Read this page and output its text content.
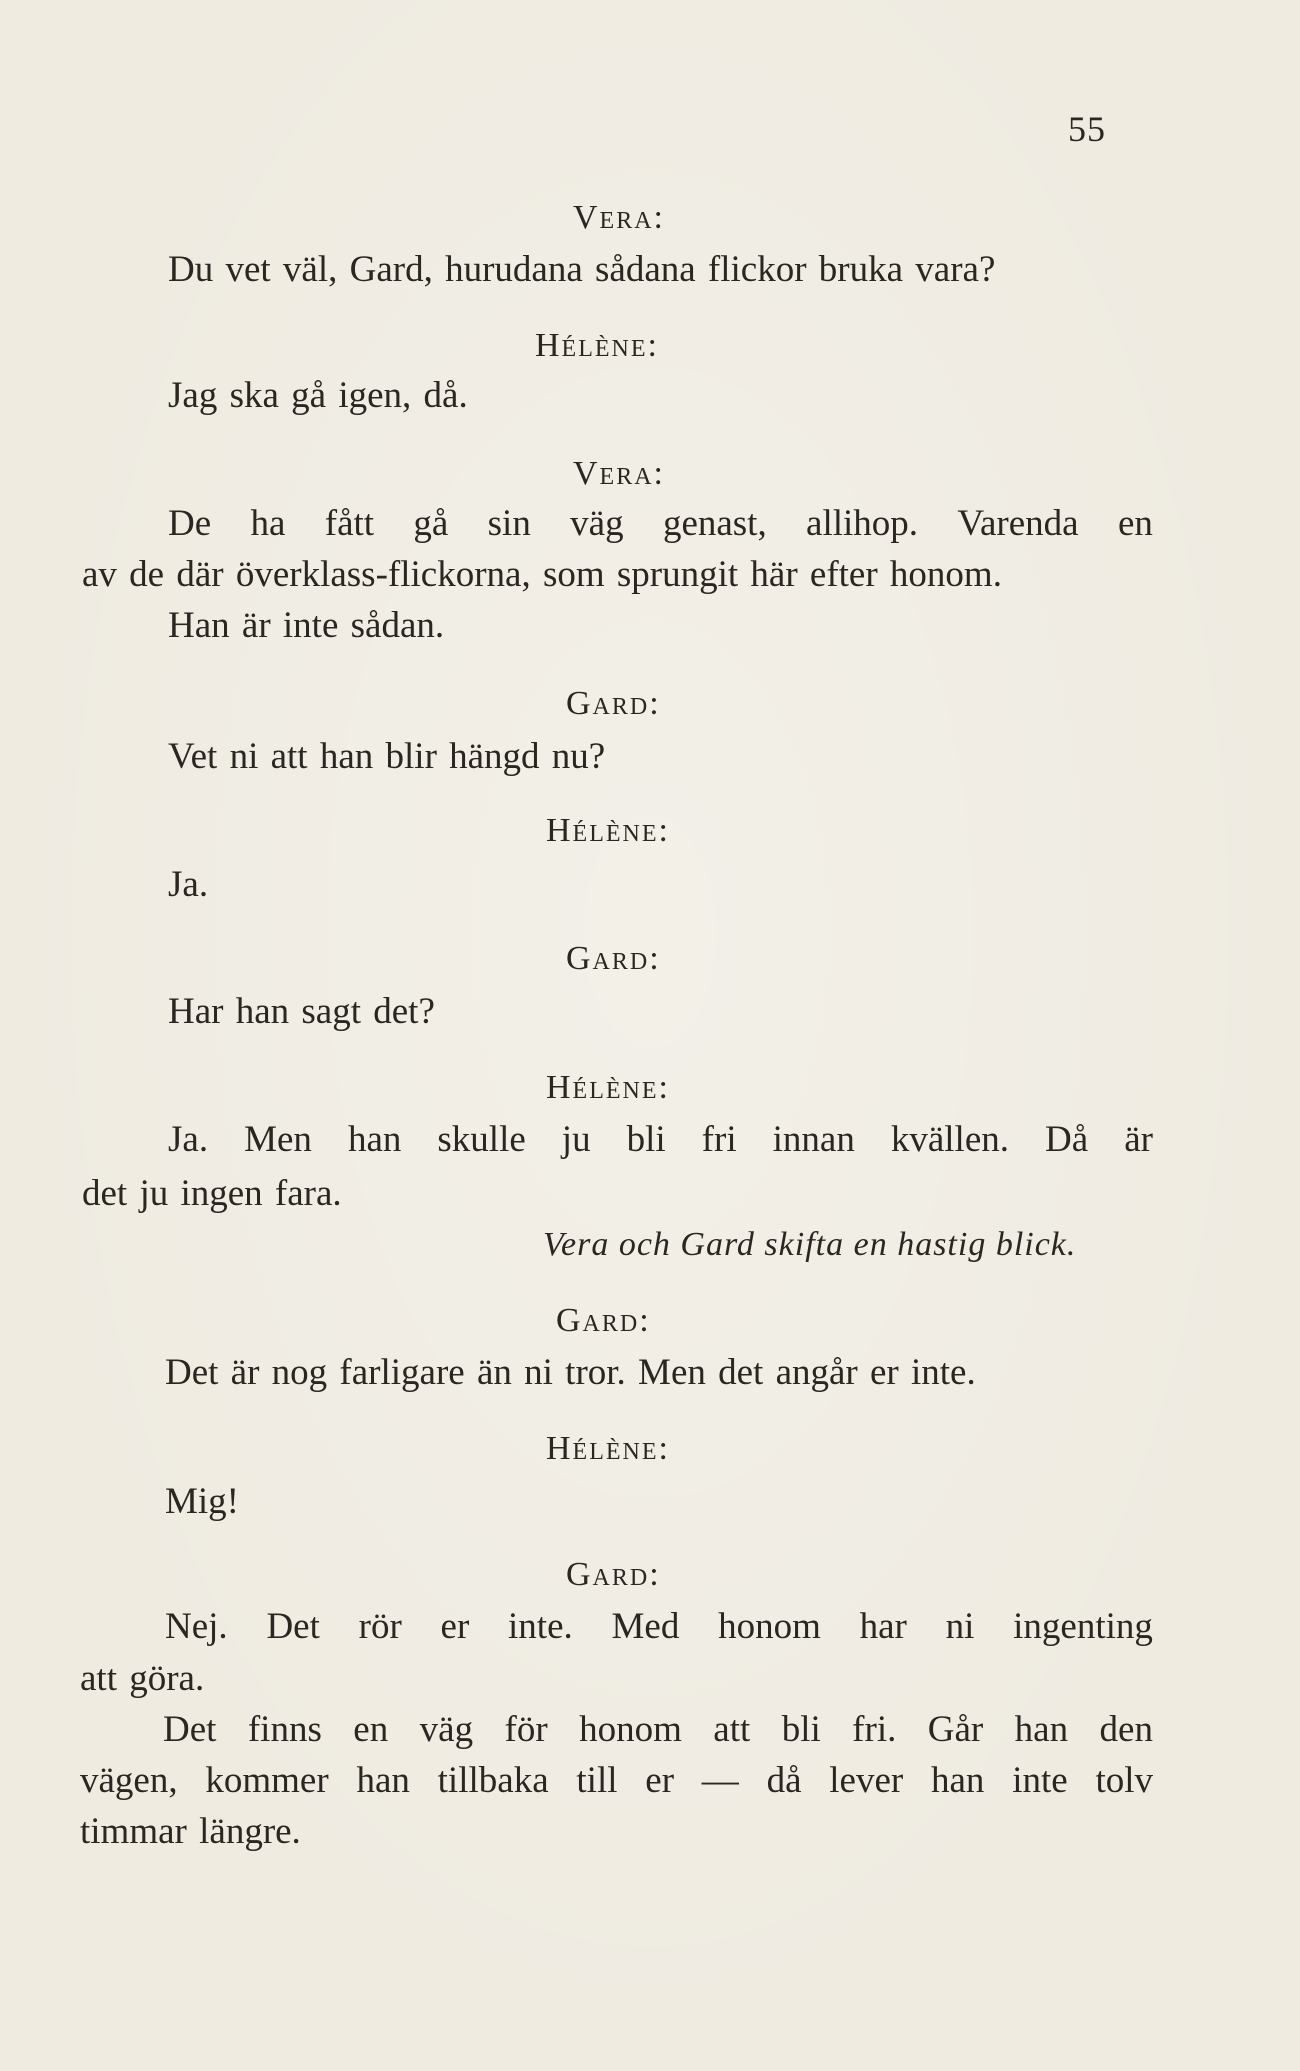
55
Vera:
Du vet väl, Gard, hurudana sådana flickor bruka vara?
Hélène:
Jag ska gå igen, då.
Vera:
De ha fått gå sin väg genast, allihop. Varenda en
av de där överklass-flickorna, som sprungit här efter honom.
Han är inte sådan.
Gard:
Vet ni att han blir hängd nu?
Hélène:
Ja.
Gard:
Har han sagt det?
Hélène:
Ja. Men han skulle ju bli fri innan kvällen. Då är
det ju ingen fara.
Vera och Gard skifta en hastig blick.
Gard:
Det är nog farligare än ni tror. Men det angår er inte.
Hélène:
Mig!
Gard:
Nej. Det rör er inte. Med honom har ni ingenting
att göra.
Det finns en väg för honom att bli fri. Går han den
vägen, kommer han tillbaka till er — då lever han inte tolv
timmar längre.
